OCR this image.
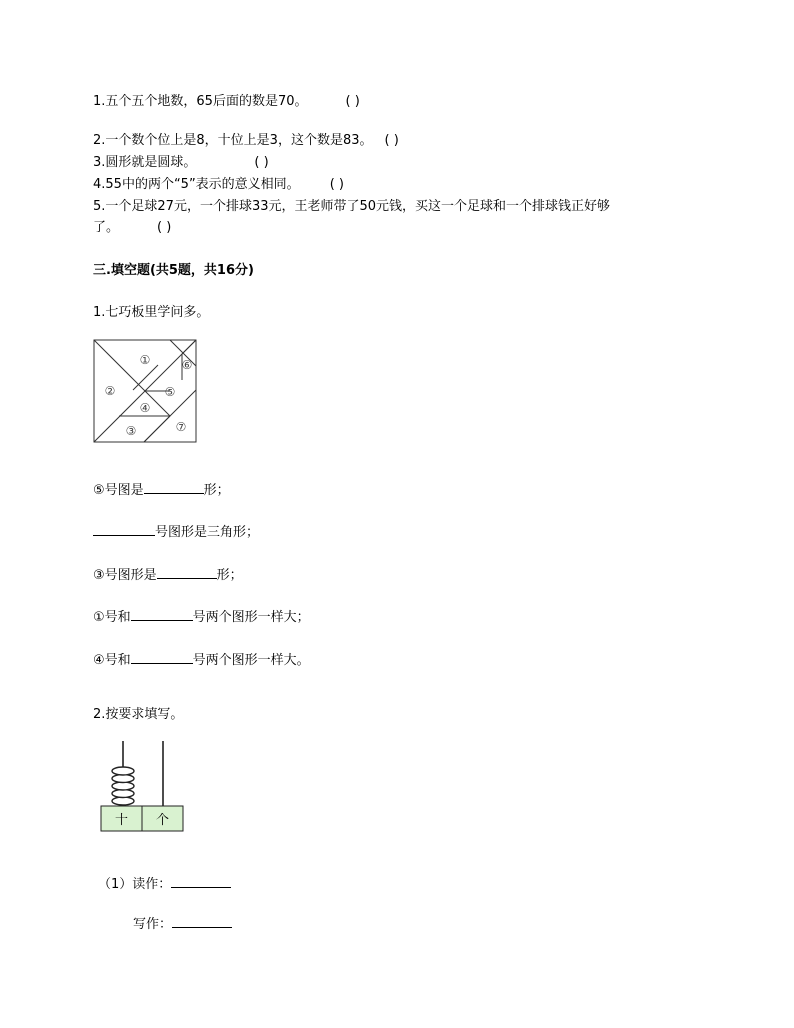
1.五个五个地数，65后面的数是70。	( )
2.一个数个位上是8，十位上是3，这个数是83。 ( )
3.圆形就是圆球。	( )
4.55中的两个“5”表示的意义相同。 ( )
5.一个足球27元，一个排球33元，王老师带了50元钱，买这一个足球和一个排球钱正好够
了。	( )
三.填空题(共5题，共16分)
1.七巧板里学问多。
①
②
③
④
⑤
⑥
⑦
⑤号图是	形；
号图形是三角形；
③号图形是	形；
①号和	号两个图形一样大；
④号和	号两个图形一样大。
2.按要求填写。
十 个
（1）读作：
写作：
